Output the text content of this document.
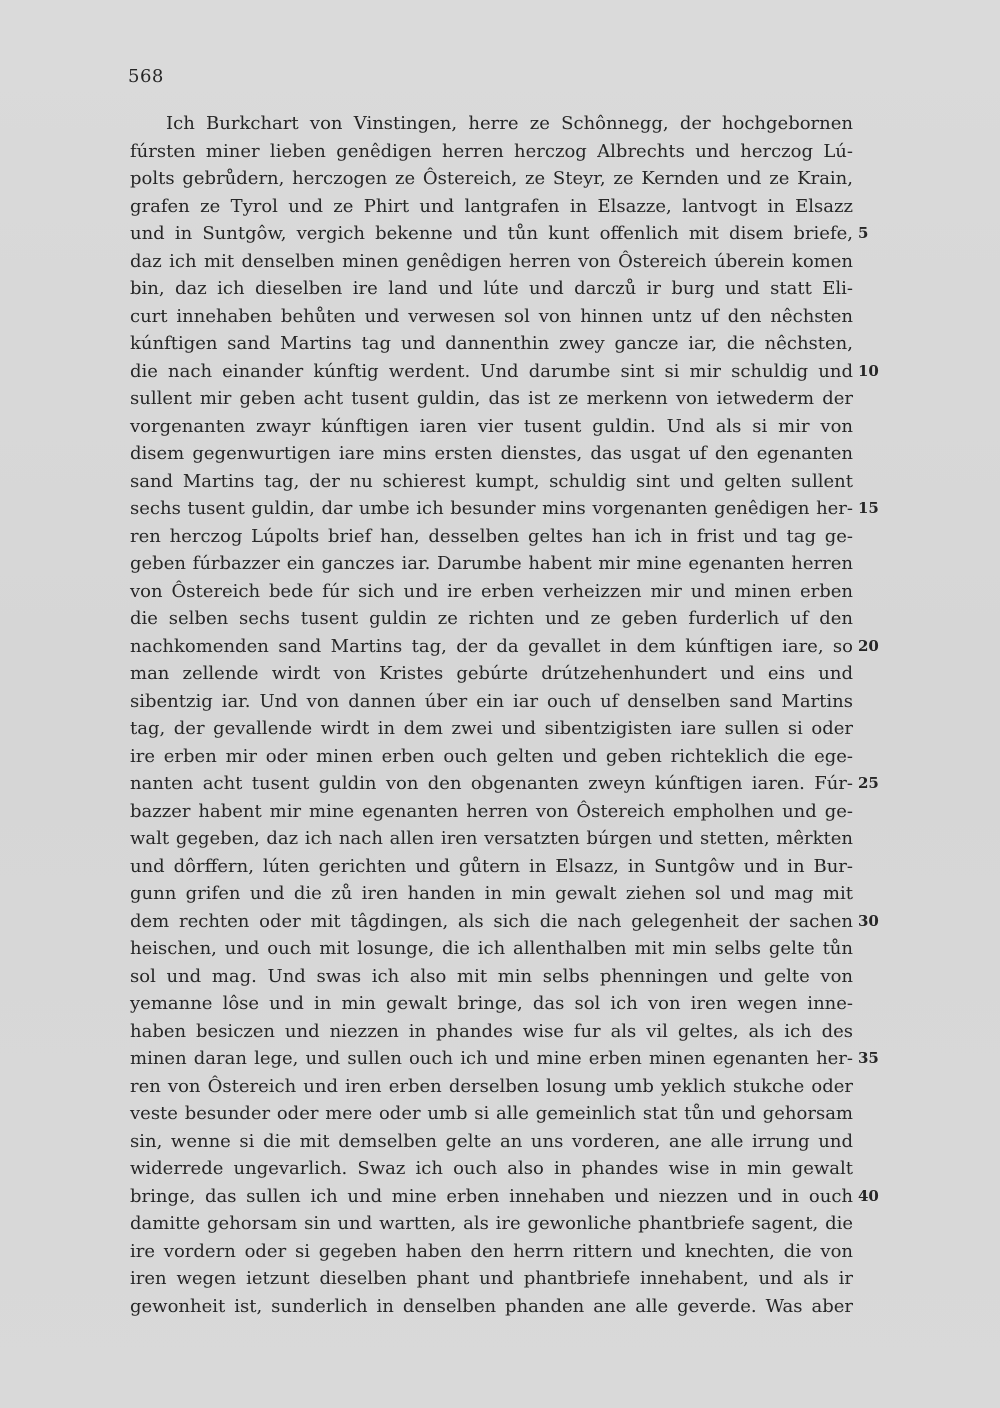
568
Ich Burkchart von Vinstingen, herre ze Schônnegg, der hochgebornen
fúrsten miner lieben genêdigen herren herczog Albrechts und herczog Lú-
polts gebrůdern, herczogen ze Ôstereich, ze Steyr, ze Kernden und ze Krain,
grafen ze Tyrol und ze Phirt und lantgrafen in Elsazze, lantvogt in Elsazz
und in Suntgôw, vergich bekenne und tůn kunt offenlich mit disem briefe, 5
daz ich mit denselben minen genêdigen herren von Ôstereich úberein komen
bin, daz ich dieselben ire land und lúte und darczů ir burg und statt Eli-
curt innehaben behůten und verwesen sol von hinnen untz uf den nêchsten
kúnftigen sand Martins tag und dannenthin zwey gancze iar, die nêchsten,
die nach einander kúnftig werdent. Und darumbe sint si mir schuldig und 10
sullent mir geben acht tusent guldin, das ist ze merkenn von ietwederm der
vorgenanten zwayr kúnftigen iaren vier tusent guldin. Und als si mir von
disem gegenwurtigen iare mins ersten dienstes, das usgat uf den egenanten
sand Martins tag, der nu schierest kumpt, schuldig sint und gelten sullent
sechs tusent guldin, dar umbe ich besunder mins vorgenanten genêdigen her- 15
ren herczog Lúpolts brief han, desselben geltes han ich in frist und tag ge-
geben fúrbazzer ein ganczes iar. Darumbe habent mir mine egenanten herren
von Ôstereich bede fúr sich und ire erben verheizzen mir und minen erben
die selben sechs tusent guldin ze richten und ze geben furderlich uf den
nachkomenden sand Martins tag, der da gevallet in dem kúnftigen iare, so 20
man zellende wirdt von Kristes gebúrte drútzehenhundert und eins und
sibentzig iar. Und von dannen úber ein iar ouch uf denselben sand Martins
tag, der gevallende wirdt in dem zwei und sibentzigisten iare sullen si oder
ire erben mir oder minen erben ouch gelten und geben richteklich die ege-
nanten acht tusent guldin von den obgenanten zweyn kúnftigen iaren. Fúr- 25
bazzer habent mir mine egenanten herren von Ôstereich empholhen und ge-
walt gegeben, daz ich nach allen iren versatzten búrgen und stetten, mêrkten
und dôrffern, lúten gerichten und gůtern in Elsazz, in Suntgôw und in Bur-
gunn grifen und die zů iren handen in min gewalt ziehen sol und mag mit
dem rechten oder mit tâgdingen, als sich die nach gelegenheit der sachen 30
heischen, und ouch mit losunge, die ich allenthalben mit min selbs gelte tůn
sol und mag. Und swas ich also mit min selbs phenningen und gelte von
yemanne lôse und in min gewalt bringe, das sol ich von iren wegen inne-
haben besiczen und niezzen in phandes wise fur als vil geltes, als ich des
minen daran lege, und sullen ouch ich und mine erben minen egenanten her- 35
ren von Ôstereich und iren erben derselben losung umb yeklich stukche oder
veste besunder oder mere oder umb si alle gemeinlich stat tůn und gehorsam
sin, wenne si die mit demselben gelte an uns vorderen, ane alle irrung und
widerrede ungevarlich. Swaz ich ouch also in phandes wise in min gewalt
bringe, das sullen ich und mine erben innehaben und niezzen und in ouch 40
damitte gehorsam sin und wartten, als ire gewonliche phantbriefe sagent, die
ire vordern oder si gegeben haben den herrn rittern und knechten, die von
iren wegen ietzunt dieselben phant und phantbriefe innehabent, und als ir
gewonheit ist, sunderlich in denselben phanden ane alle geverde. Was aber
